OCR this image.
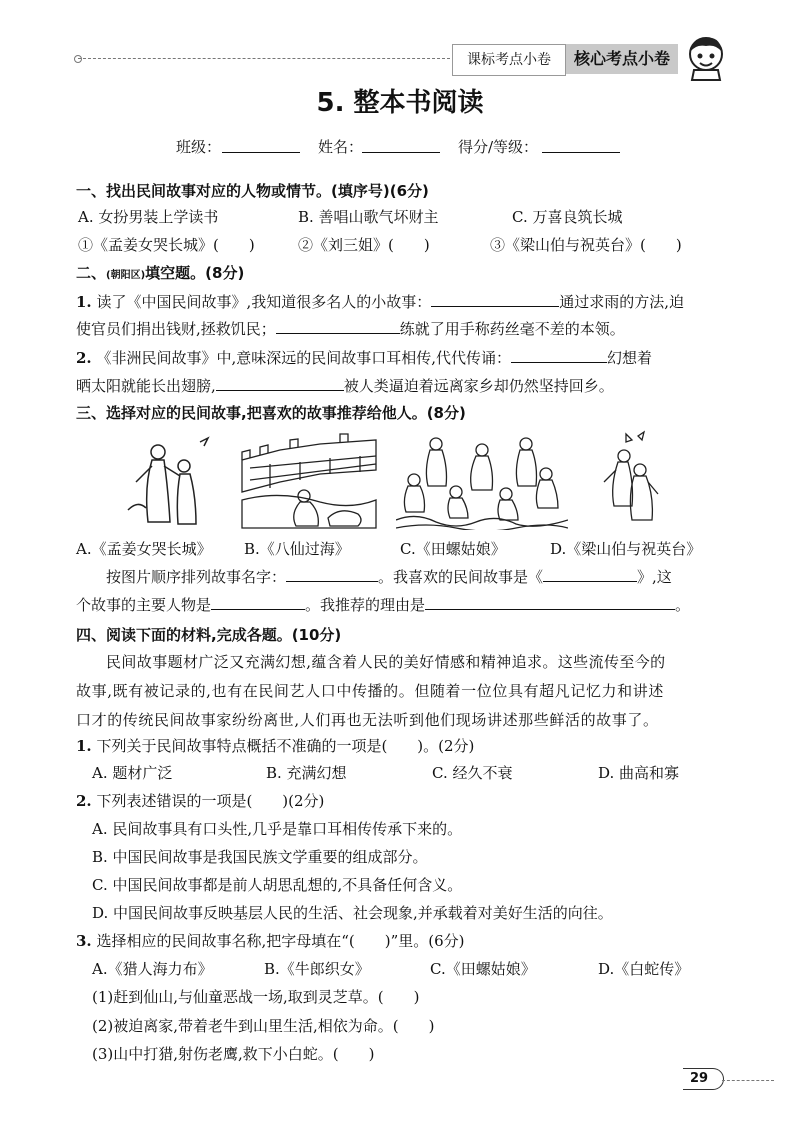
课标考点小卷	核心考点小卷
5. 整本书阅读
班级：	姓名：	得分/等级：
一、找出民间故事对应的人物或情节。(填序号)(6分)
A. 女扮男装上学读书	B. 善唱山歌气坏财主	C. 万喜良筑长城
①《孟姜女哭长城》(　　)	②《刘三姐》(　　)	③《梁山伯与祝英台》(　　)
二、(朝阳区)填空题。(8分)
1. 读了《中国民间故事》,我知道很多名人的小故事：	通过求雨的方法,迫
使官员们捐出钱财,拯救饥民；	练就了用手称药丝毫不差的本领。
2. 《非洲民间故事》中,意味深远的民间故事口耳相传,代代传诵：	幻想着
晒太阳就能长出翅膀,	被人类逼迫着远离家乡却仍然坚持回乡。
三、选择对应的民间故事,把喜欢的故事推荐给他人。(8分)
A.《孟姜女哭长城》 B.《八仙过海》	C.《田螺姑娘》	D.《梁山伯与祝英台》
按图片顺序排列故事名字：	。我喜欢的民间故事是《	》,这
个故事的主要人物是	。我推荐的理由是	。
四、阅读下面的材料,完成各题。(10分)
民间故事题材广泛又充满幻想,蕴含着人民的美好情感和精神追求。这些流传至今的
故事,既有被记录的,也有在民间艺人口中传播的。但随着一位位具有超凡记忆力和讲述
口才的传统民间故事家纷纷离世,人们再也无法听到他们现场讲述那些鲜活的故事了。
1. 下列关于民间故事特点概括不准确的一项是(　　)。(2分)
A. 题材广泛	B. 充满幻想	C. 经久不衰	D. 曲高和寡
2. 下列表述错误的一项是(　　)(2分)
A. 民间故事具有口头性,几乎是靠口耳相传传承下来的。
B. 中国民间故事是我国民族文学重要的组成部分。
C. 中国民间故事都是前人胡思乱想的,不具备任何含义。
D. 中国民间故事反映基层人民的生活、社会现象,并承载着对美好生活的向往。
3. 选择相应的民间故事名称,把字母填在“(　　)”里。(6分)
A.《猎人海力布》	B.《牛郎织女》	C.《田螺姑娘》	D.《白蛇传》
(1)赶到仙山,与仙童恶战一场,取到灵芝草。(　　)
(2)被迫离家,带着老牛到山里生活,相依为命。(　　)
(3)山中打猎,射伤老鹰,救下小白蛇。(　　)
29
